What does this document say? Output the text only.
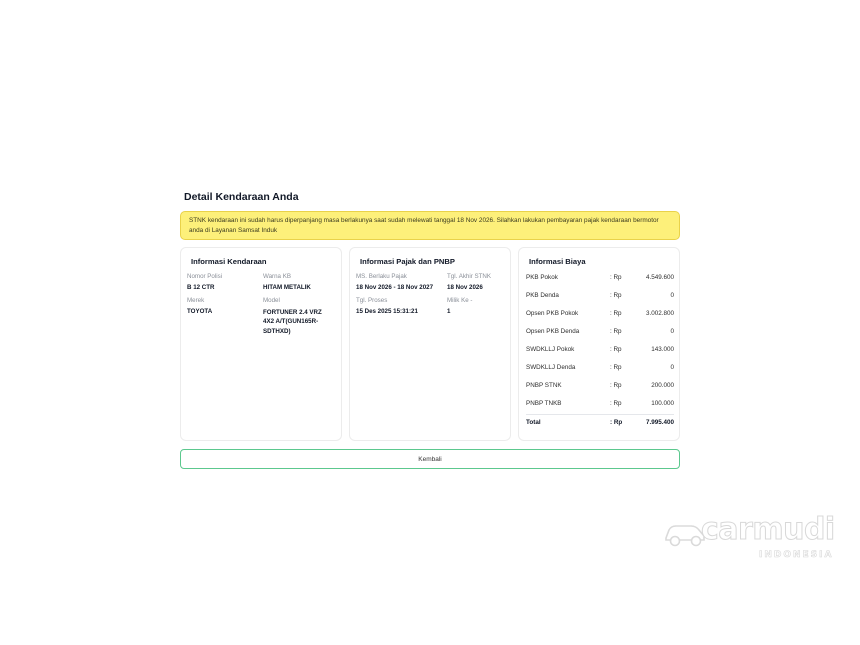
Detail Kendaraan Anda
STNK kendaraan ini sudah harus diperpanjang masa berlakunya saat sudah melewati tanggal 18 Nov 2026. Silahkan lakukan pembayaran pajak kendaraan bermotor anda di Layanan Samsat Induk
Informasi Kendaraan
Nomor Polisi
B 12 CTR
Warna KB
HITAM METALIK
Merek
TOYOTA
Model
FORTUNER 2.4 VRZ 4X2 A/T(GUN165R-SDTHXD)
Informasi Pajak dan PNBP
MS. Berlaku Pajak
18 Nov 2026 - 18 Nov 2027
Tgl. Akhir STNK
18 Nov 2026
Tgl. Proses
15 Des 2025 15:31:21
Milik Ke -
1
Informasi Biaya
PKB Pokok	: Rp	4.549.600
PKB Denda	: Rp	0
Opsen PKB Pokok	: Rp	3.002.800
Opsen PKB Denda	: Rp	0
SWDKLLJ Pokok	: Rp	143.000
SWDKLLJ Denda	: Rp	0
PNBP STNK	: Rp	200.000
PNBP TNKB	: Rp	100.000
Total	: Rp	7.995.400
Kembali
carmudi
INDONESIA
